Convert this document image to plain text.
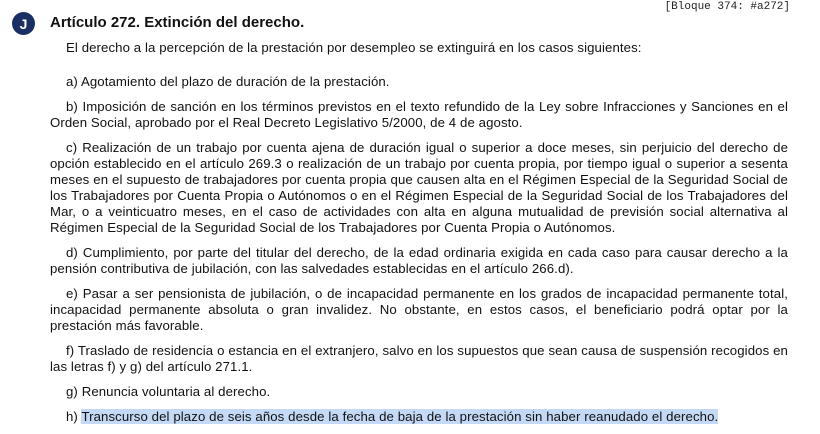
[Bloque 374: #a272]
J	Artículo 272. Extinción del derecho.

El derecho a la percepción de la prestación por desempleo se extinguirá en los casos siguientes:

a) Agotamiento del plazo de duración de la prestación.

b) Imposición de sanción en los términos previstos en el texto refundido de la Ley sobre Infracciones y Sanciones en el Orden Social, aprobado por el Real Decreto Legislativo 5/2000, de 4 de agosto.

c) Realización de un trabajo por cuenta ajena de duración igual o superior a doce meses, sin perjuicio del derecho de opción establecido en el artículo 269.3 o realización de un trabajo por cuenta propia, por tiempo igual o superior a sesenta meses en el supuesto de trabajadores por cuenta propia que causen alta en el Régimen Especial de la Seguridad Social de los Trabajadores por Cuenta Propia o Autónomos o en el Régimen Especial de la Seguridad Social de los Trabajadores del Mar, o a veinticuatro meses, en el caso de actividades con alta en alguna mutualidad de previsión social alternativa al Régimen Especial de la Seguridad Social de los Trabajadores por Cuenta Propia o Autónomos.

d) Cumplimiento, por parte del titular del derecho, de la edad ordinaria exigida en cada caso para causar derecho a la pensión contributiva de jubilación, con las salvedades establecidas en el artículo 266.d).

e) Pasar a ser pensionista de jubilación, o de incapacidad permanente en los grados de incapacidad permanente total, incapacidad permanente absoluta o gran invalidez. No obstante, en estos casos, el beneficiario podrá optar por la prestación más favorable.

f) Traslado de residencia o estancia en el extranjero, salvo en los supuestos que sean causa de suspensión recogidos en las letras f) y g) del artículo 271.1.

g) Renuncia voluntaria al derecho.

h) Transcurso del plazo de seis años desde la fecha de baja de la prestación sin haber reanudado el derecho.
